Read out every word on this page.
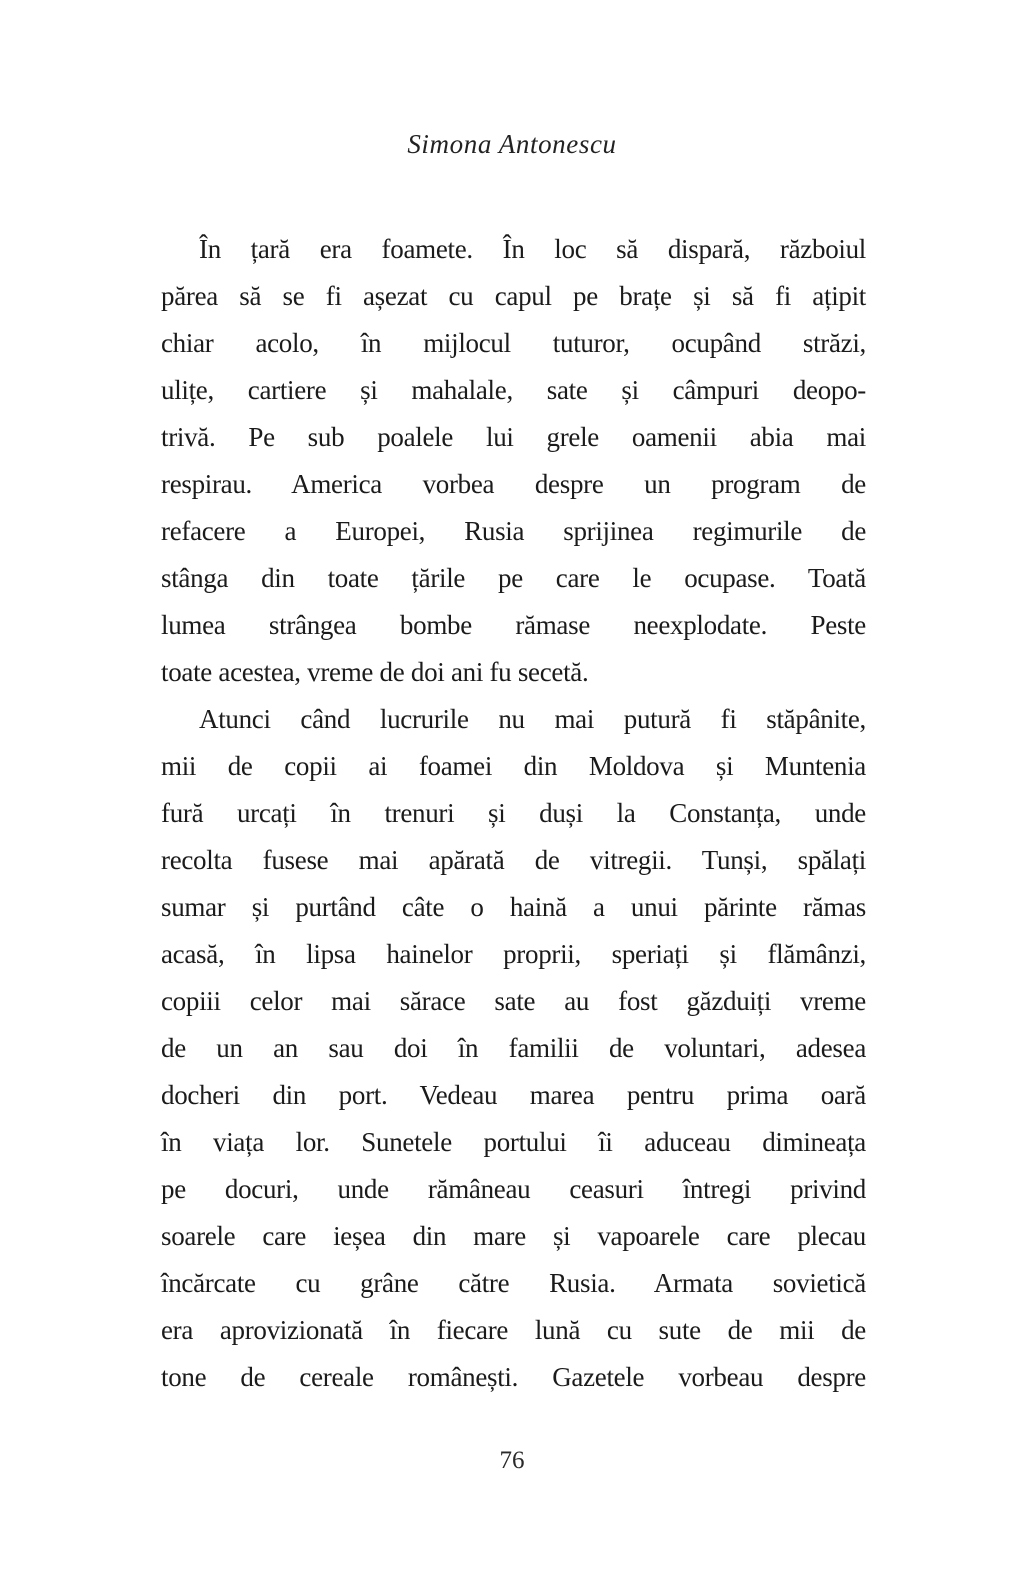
Simona Antonescu
În țară era foamete. În loc să dispară, războiul
părea să se fi așezat cu capul pe brațe și să fi ațipit
chiar acolo, în mijlocul tuturor, ocupând străzi,
ulițe, cartiere și mahalale, sate și câmpuri deopo-
trivă. Pe sub poalele lui grele oamenii abia mai
respirau. America vorbea despre un program de
refacere a Europei, Rusia sprijinea regimurile de
stânga din toate țările pe care le ocupase. Toată
lumea strângea bombe rămase neexplodate. Peste
toate acestea, vreme de doi ani fu secetă.
Atunci când lucrurile nu mai putură fi stăpânite,
mii de copii ai foamei din Moldova și Muntenia
fură urcați în trenuri și duși la Constanța, unde
recolta fusese mai apărată de vitregii. Tunși, spălați
sumar și purtând câte o haină a unui părinte rămas
acasă, în lipsa hainelor proprii, speriați și flămânzi,
copiii celor mai sărace sate au fost găzduiți vreme
de un an sau doi în familii de voluntari, adesea
docheri din port. Vedeau marea pentru prima oară
în viața lor. Sunetele portului îi aduceau dimineața
pe docuri, unde rămâneau ceasuri întregi privind
soarele care ieșea din mare și vapoarele care plecau
încărcate cu grâne către Rusia. Armata sovietică
era aprovizionată în fiecare lună cu sute de mii de
tone de cereale românești. Gazetele vorbeau despre
76
